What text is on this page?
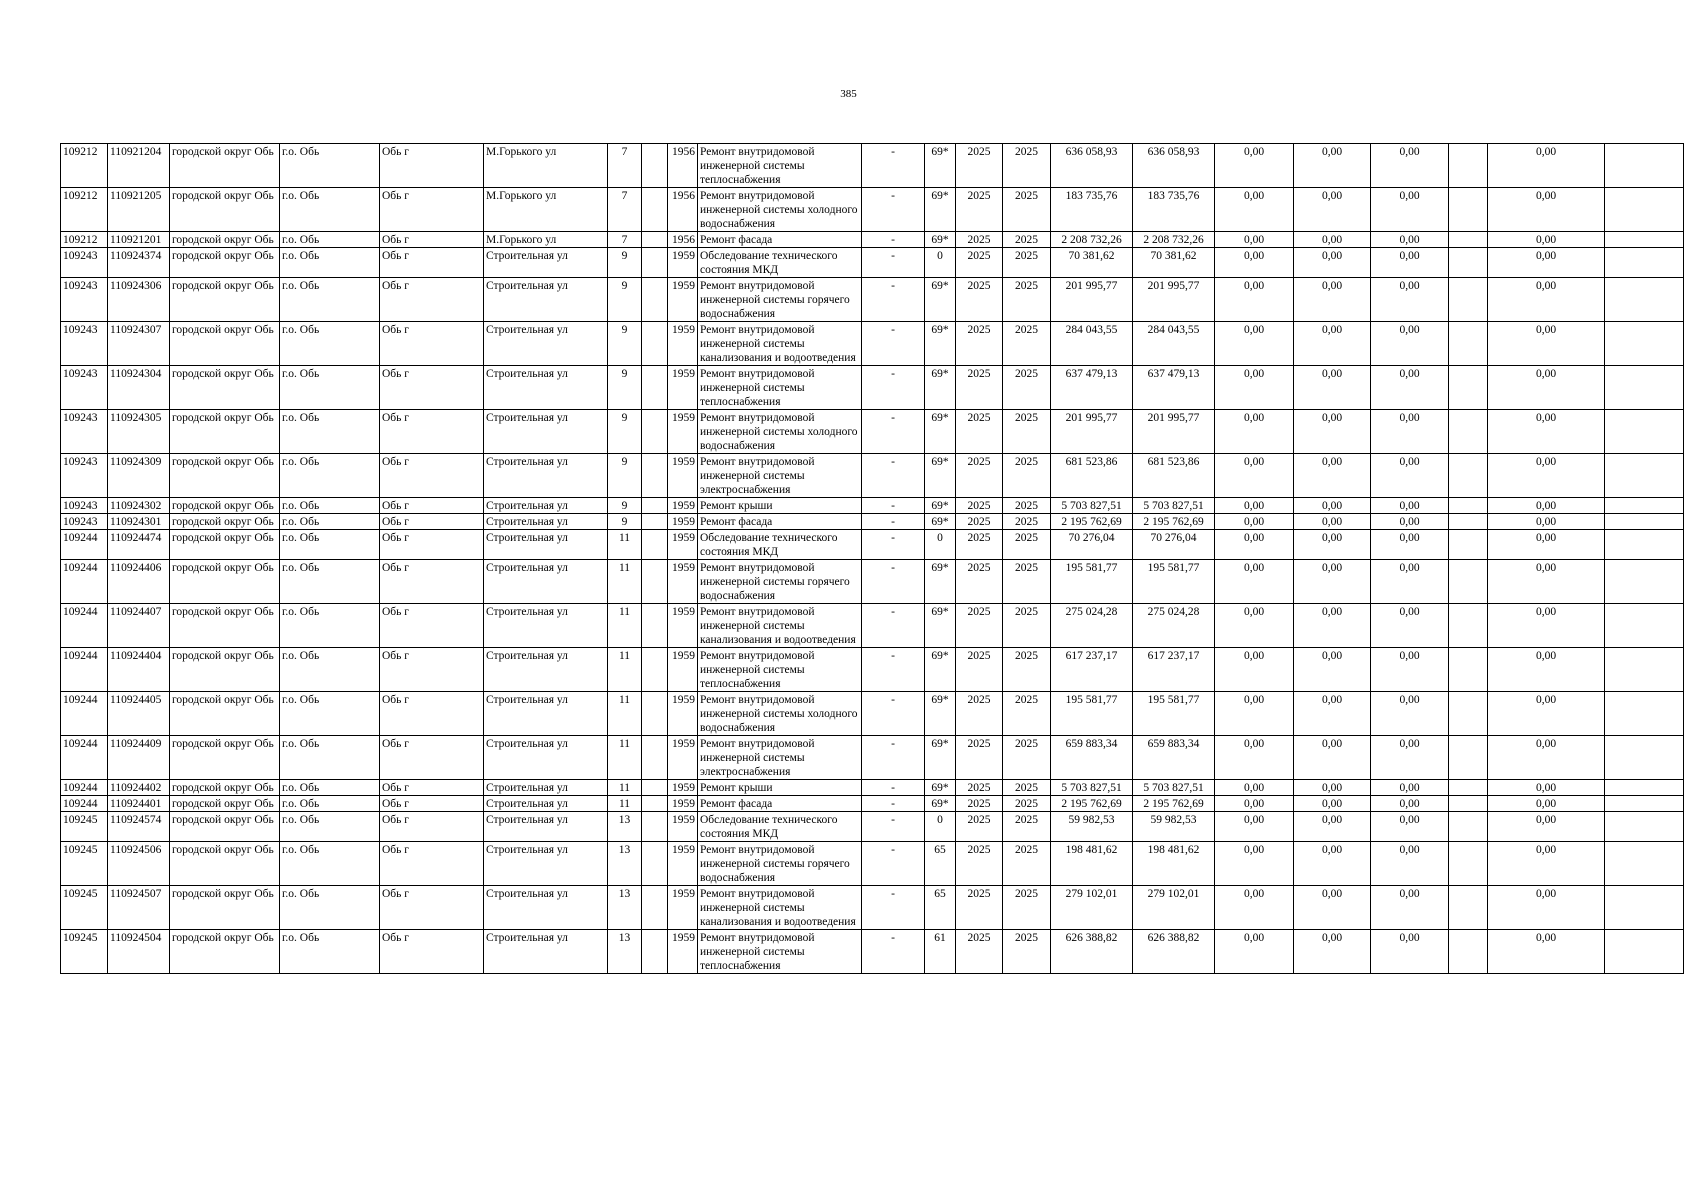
385
109212	110921204	городской округ Обь	г.о. Обь	Обь г	М.Горького ул	7		1956	Ремонт внутридомовой инженерной системы теплоснабжения	-	69*	2025	2025	636 058,93	636 058,93	0,00	0,00	0,00		0,00	
109212	110921205	городской округ Обь	г.о. Обь	Обь г	М.Горького ул	7		1956	Ремонт внутридомовой инженерной системы холодного водоснабжения	-	69*	2025	2025	183 735,76	183 735,76	0,00	0,00	0,00		0,00	
109212	110921201	городской округ Обь	г.о. Обь	Обь г	М.Горького ул	7		1956	Ремонт фасада	-	69*	2025	2025	2 208 732,26	2 208 732,26	0,00	0,00	0,00		0,00	
109243	110924374	городской округ Обь	г.о. Обь	Обь г	Строительная ул	9		1959	Обследование технического состояния МКД	-	0	2025	2025	70 381,62	70 381,62	0,00	0,00	0,00		0,00	
109243	110924306	городской округ Обь	г.о. Обь	Обь г	Строительная ул	9		1959	Ремонт внутридомовой инженерной системы горячего водоснабжения	-	69*	2025	2025	201 995,77	201 995,77	0,00	0,00	0,00		0,00	
109243	110924307	городской округ Обь	г.о. Обь	Обь г	Строительная ул	9		1959	Ремонт внутридомовой инженерной системы канализования и водоотведения	-	69*	2025	2025	284 043,55	284 043,55	0,00	0,00	0,00		0,00	
109243	110924304	городской округ Обь	г.о. Обь	Обь г	Строительная ул	9		1959	Ремонт внутридомовой инженерной системы теплоснабжения	-	69*	2025	2025	637 479,13	637 479,13	0,00	0,00	0,00		0,00	
109243	110924305	городской округ Обь	г.о. Обь	Обь г	Строительная ул	9		1959	Ремонт внутридомовой инженерной системы холодного водоснабжения	-	69*	2025	2025	201 995,77	201 995,77	0,00	0,00	0,00		0,00	
109243	110924309	городской округ Обь	г.о. Обь	Обь г	Строительная ул	9		1959	Ремонт внутридомовой инженерной системы электроснабжения	-	69*	2025	2025	681 523,86	681 523,86	0,00	0,00	0,00		0,00	
109243	110924302	городской округ Обь	г.о. Обь	Обь г	Строительная ул	9		1959	Ремонт крыши	-	69*	2025	2025	5 703 827,51	5 703 827,51	0,00	0,00	0,00		0,00	
109243	110924301	городской округ Обь	г.о. Обь	Обь г	Строительная ул	9		1959	Ремонт фасада	-	69*	2025	2025	2 195 762,69	2 195 762,69	0,00	0,00	0,00		0,00	
109244	110924474	городской округ Обь	г.о. Обь	Обь г	Строительная ул	11		1959	Обследование технического состояния МКД	-	0	2025	2025	70 276,04	70 276,04	0,00	0,00	0,00		0,00	
109244	110924406	городской округ Обь	г.о. Обь	Обь г	Строительная ул	11		1959	Ремонт внутридомовой инженерной системы горячего водоснабжения	-	69*	2025	2025	195 581,77	195 581,77	0,00	0,00	0,00		0,00	
109244	110924407	городской округ Обь	г.о. Обь	Обь г	Строительная ул	11		1959	Ремонт внутридомовой инженерной системы канализования и водоотведения	-	69*	2025	2025	275 024,28	275 024,28	0,00	0,00	0,00		0,00	
109244	110924404	городской округ Обь	г.о. Обь	Обь г	Строительная ул	11		1959	Ремонт внутридомовой инженерной системы теплоснабжения	-	69*	2025	2025	617 237,17	617 237,17	0,00	0,00	0,00		0,00	
109244	110924405	городской округ Обь	г.о. Обь	Обь г	Строительная ул	11		1959	Ремонт внутридомовой инженерной системы холодного водоснабжения	-	69*	2025	2025	195 581,77	195 581,77	0,00	0,00	0,00		0,00	
109244	110924409	городской округ Обь	г.о. Обь	Обь г	Строительная ул	11		1959	Ремонт внутридомовой инженерной системы электроснабжения	-	69*	2025	2025	659 883,34	659 883,34	0,00	0,00	0,00		0,00	
109244	110924402	городской округ Обь	г.о. Обь	Обь г	Строительная ул	11		1959	Ремонт крыши	-	69*	2025	2025	5 703 827,51	5 703 827,51	0,00	0,00	0,00		0,00	
109244	110924401	городской округ Обь	г.о. Обь	Обь г	Строительная ул	11		1959	Ремонт фасада	-	69*	2025	2025	2 195 762,69	2 195 762,69	0,00	0,00	0,00		0,00	
109245	110924574	городской округ Обь	г.о. Обь	Обь г	Строительная ул	13		1959	Обследование технического состояния МКД	-	0	2025	2025	59 982,53	59 982,53	0,00	0,00	0,00		0,00	
109245	110924506	городской округ Обь	г.о. Обь	Обь г	Строительная ул	13		1959	Ремонт внутридомовой инженерной системы горячего водоснабжения	-	65	2025	2025	198 481,62	198 481,62	0,00	0,00	0,00		0,00	
109245	110924507	городской округ Обь	г.о. Обь	Обь г	Строительная ул	13		1959	Ремонт внутридомовой инженерной системы канализования и водоотведения	-	65	2025	2025	279 102,01	279 102,01	0,00	0,00	0,00		0,00	
109245	110924504	городской округ Обь	г.о. Обь	Обь г	Строительная ул	13		1959	Ремонт внутридомовой инженерной системы теплоснабжения	-	61	2025	2025	626 388,82	626 388,82	0,00	0,00	0,00		0,00	
